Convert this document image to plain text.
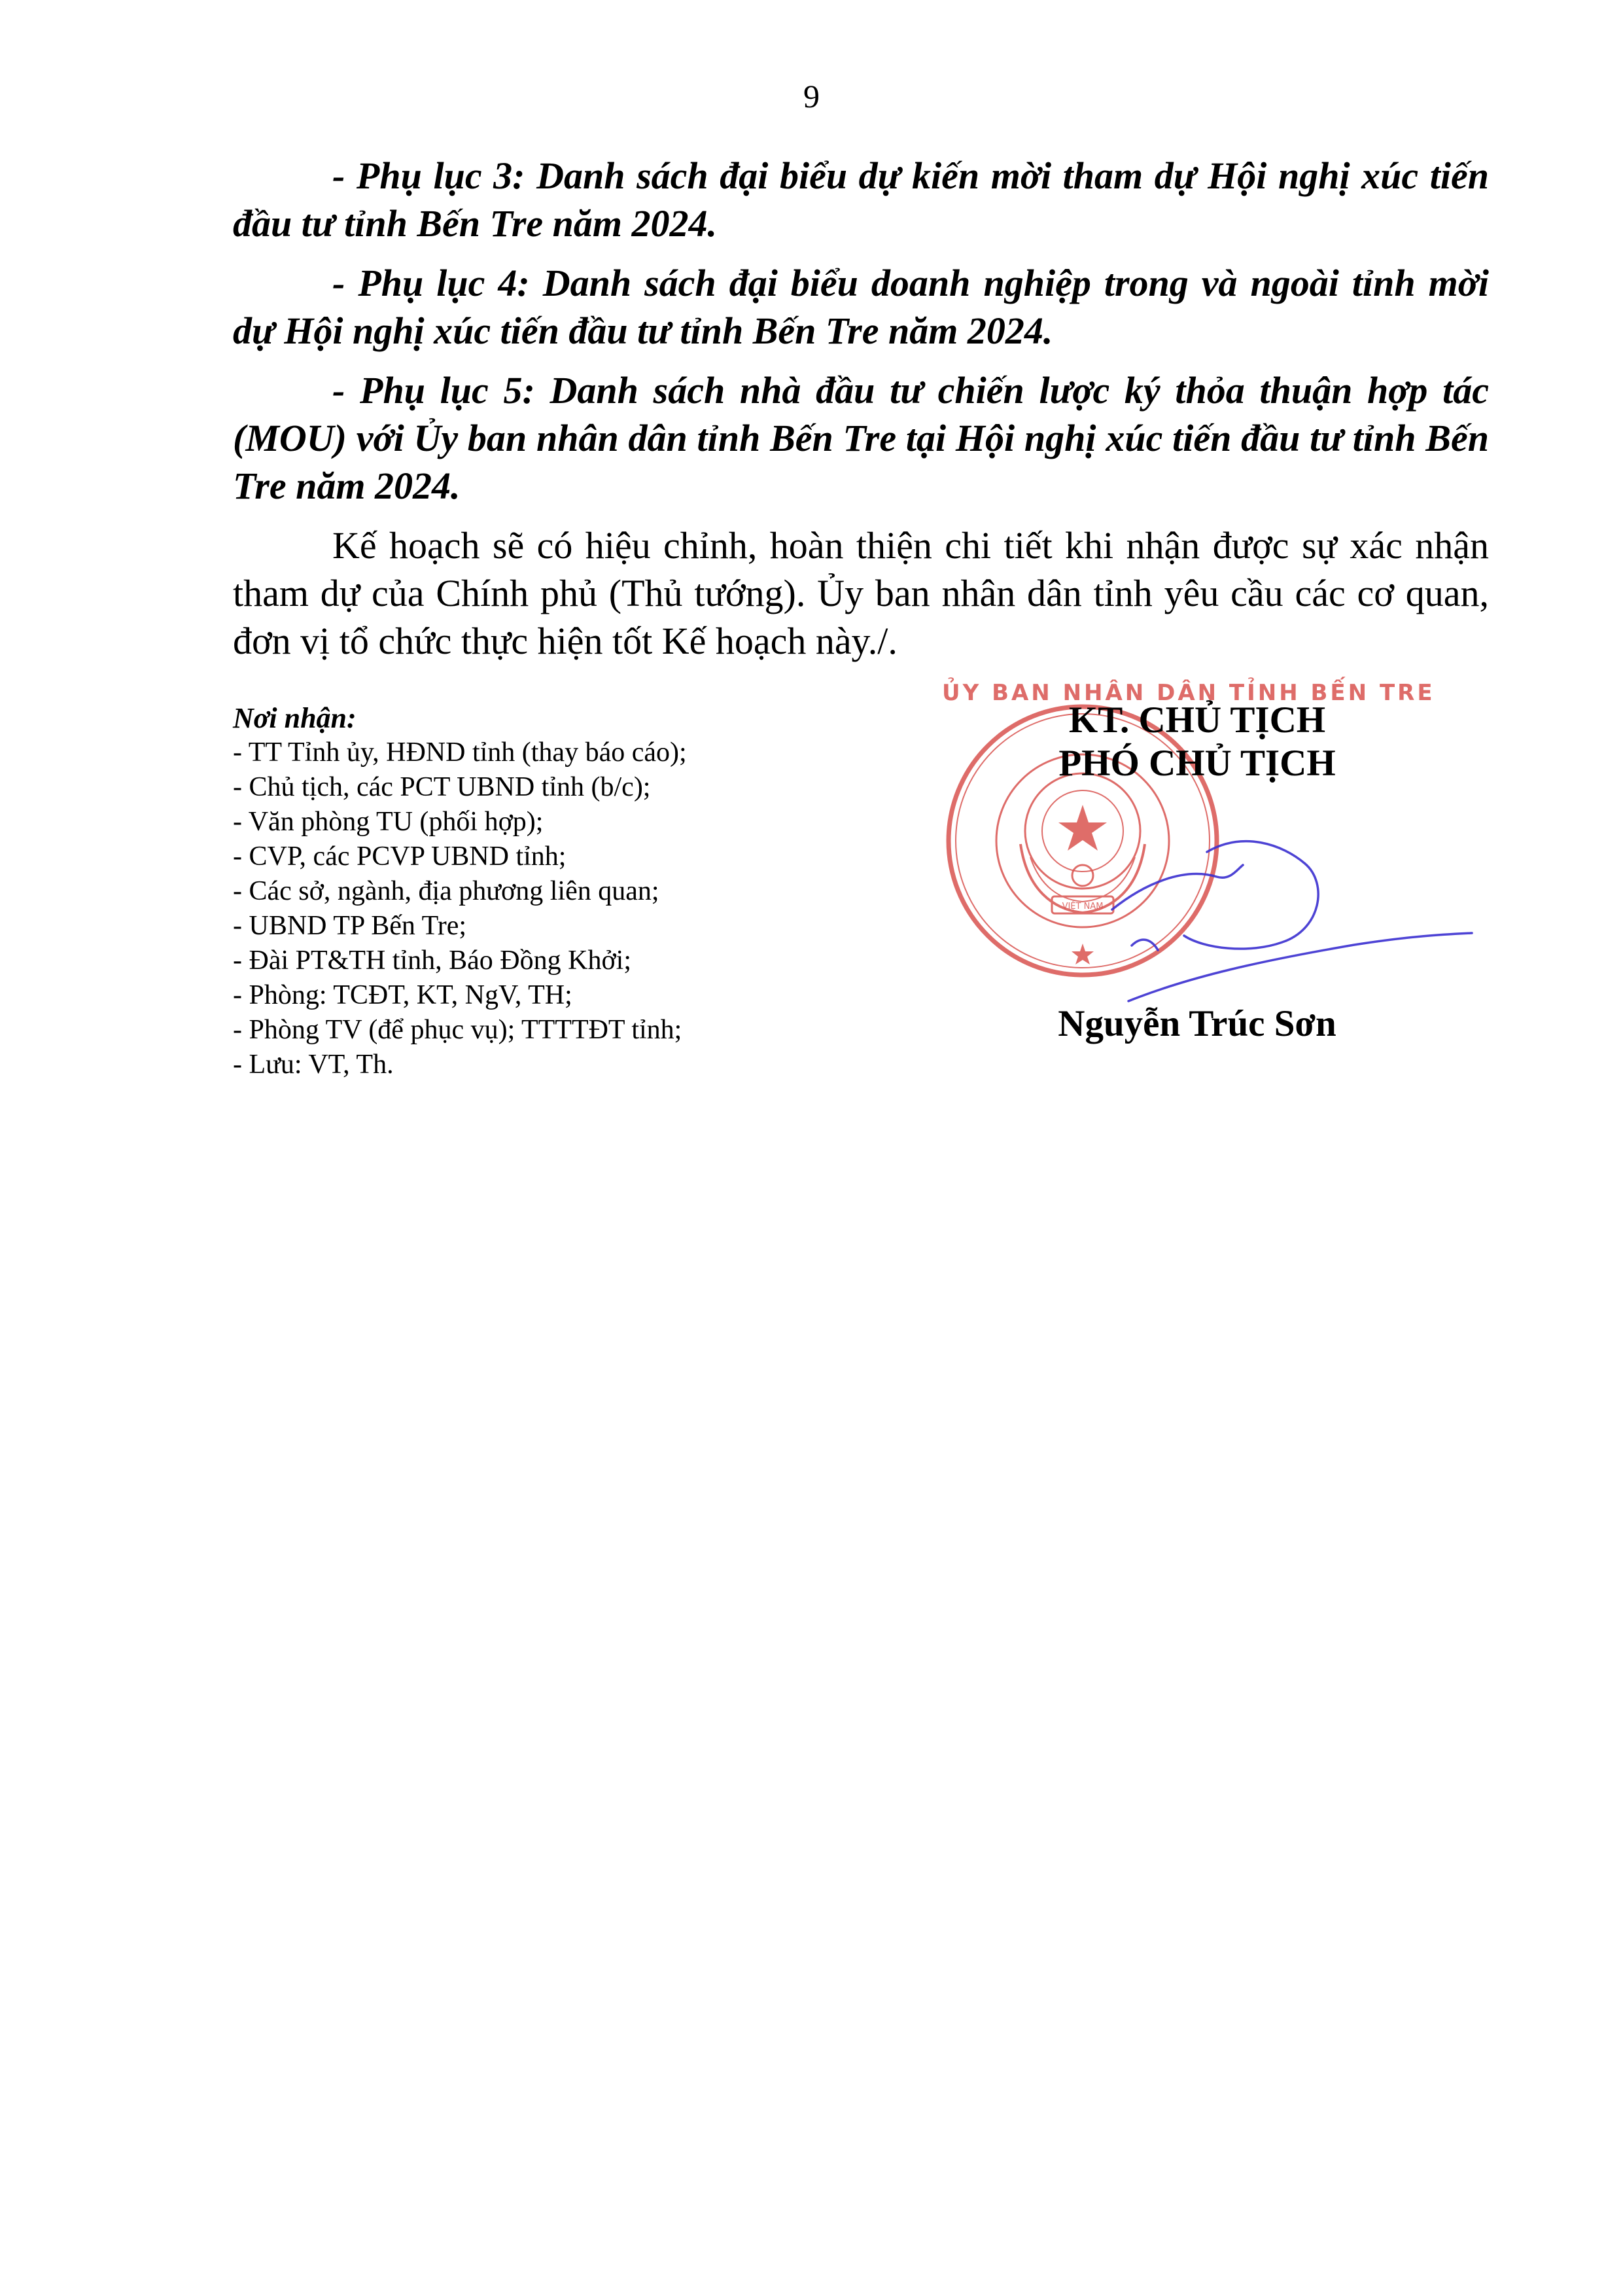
9

- Phụ lục 3: Danh sách đại biểu dự kiến mời tham dự Hội nghị xúc tiến đầu tư tỉnh Bến Tre năm 2024.

- Phụ lục 4: Danh sách đại biểu doanh nghiệp trong và ngoài tỉnh mời dự Hội nghị xúc tiến đầu tư tỉnh Bến Tre năm 2024.

- Phụ lục 5: Danh sách nhà đầu tư chiến lược ký thỏa thuận hợp tác (MOU) với Ủy ban nhân dân tỉnh Bến Tre tại Hội nghị xúc tiến đầu tư tỉnh Bến Tre năm 2024.

Kế hoạch sẽ có hiệu chỉnh, hoàn thiện chi tiết khi nhận được sự xác nhận tham dự của Chính phủ (Thủ tướng). Ủy ban nhân dân tỉnh yêu cầu các cơ quan, đơn vị tổ chức thực hiện tốt Kế hoạch này./.

Nơi nhận:
- TT Tỉnh ủy, HĐND tỉnh (thay báo cáo);
- Chủ tịch, các PCT UBND tỉnh (b/c);
- Văn phòng TU (phối hợp);
- CVP, các PCVP UBND tỉnh;
- Các sở, ngành, địa phương liên quan;
- UBND TP Bến Tre;
- Đài PT&TH tỉnh, Báo Đồng Khởi;
- Phòng: TCĐT, KT, NgV, TH;
- Phòng TV (để phục vụ); TTTTĐT tỉnh;
- Lưu: VT, Th.
ỦY BAN NHÂN DÂN TỈNH BẾN TRE
VIỆT NAM
KT. CHỦ TỊCH
PHÓ CHỦ TỊCH
Nguyễn Trúc Sơn
